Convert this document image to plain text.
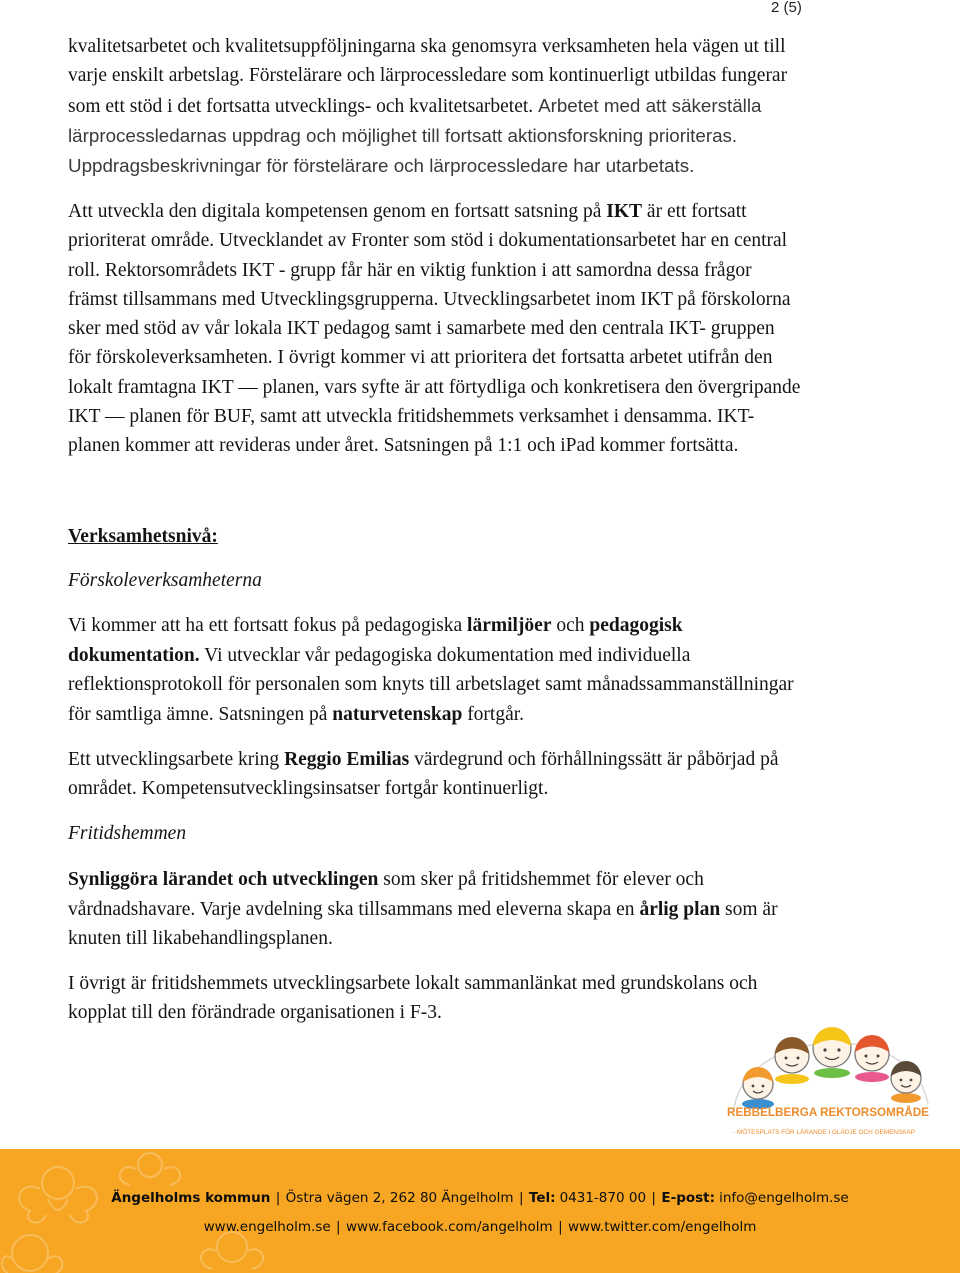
2 (5)
kvalitetsarbetet och kvalitetsuppföljningarna ska genomsyra verksamheten hela vägen ut till
varje enskilt arbetslag. Förstelärare och lärprocessledare som kontinuerligt utbildas fungerar
som ett stöd i det fortsatta utvecklings- och kvalitetsarbetet. Arbetet med att säkerställa
lärprocessledarnas uppdrag och möjlighet till fortsatt aktionsforskning prioriteras.
Uppdragsbeskrivningar för förstelärare och lärprocessledare har utarbetats.
Att utveckla den digitala kompetensen genom en fortsatt satsning på IKT är ett fortsatt
prioriterat område. Utvecklandet av Fronter som stöd i dokumentationsarbetet har en central
roll. Rektorsområdets IKT - grupp får här en viktig funktion i att samordna dessa frågor
främst tillsammans med Utvecklingsgrupperna. Utvecklingsarbetet inom IKT på förskolorna
sker med stöd av vår lokala IKT pedagog samt i samarbete med den centrala IKT- gruppen
för förskoleverksamheten. I övrigt kommer vi att prioritera det fortsatta arbetet utifrån den
lokalt framtagna IKT — planen, vars syfte är att förtydliga och konkretisera den övergripande
IKT — planen för BUF, samt att utveckla fritidshemmets verksamhet i densamma. IKT-
planen kommer att revideras under året. Satsningen på 1:1 och iPad kommer fortsätta.
Verksamhetsnivå:
Förskoleverksamheterna
Vi kommer att ha ett fortsatt fokus på pedagogiska lärmiljöer och pedagogisk
dokumentation. Vi utvecklar vår pedagogiska dokumentation med individuella
reflektionsprotokoll för personalen som knyts till arbetslaget samt månadssammanställningar
för samtliga ämne. Satsningen på naturvetenskap fortgår.
Ett utvecklingsarbete kring Reggio Emilias värdegrund och förhållningssätt är påbörjad på
området. Kompetensutvecklingsinsatser fortgår kontinuerligt.
Fritidshemmen
Synliggöra lärandet och utvecklingen som sker på fritidshemmet för elever och
vårdnadshavare. Varje avdelning ska tillsammans med eleverna skapa en årlig plan som är
knuten till likabehandlingsplanen.
I övrigt är fritidshemmets utvecklingsarbete lokalt sammanlänkat med grundskolans och
kopplat till den förändrade organisationen i F-3.
REBBELBERGA REKTORSOMRÅDE
- MÖTESPLATS FÖR LÄRANDE I GLÄDJE OCH GEMENSKAP
Ängelholms kommun | Östra vägen 2, 262 80 Ängelholm | Tel: 0431-870 00 | E-post: info@engelholm.se
www.engelholm.se | www.facebook.com/angelholm | www.twitter.com/engelholm
